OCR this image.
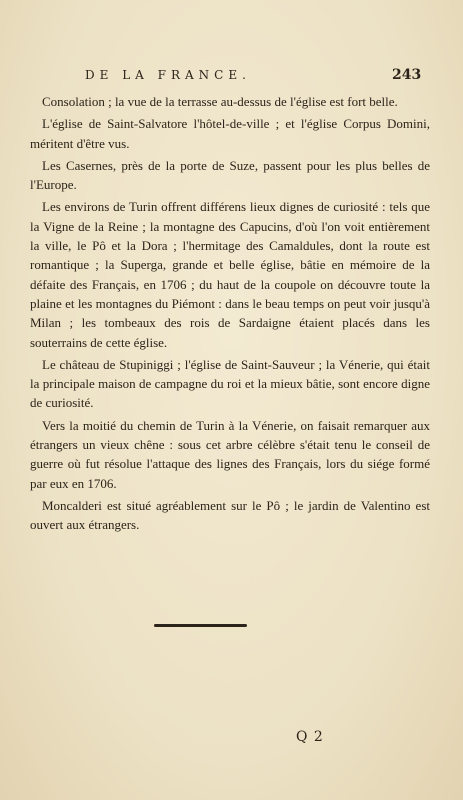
DE LA FRANCE.	243

Consolation ; la vue de la terrasse au-dessus de l'église est fort belle.

L'église de Saint-Salvatore l'hôtel-de-ville ; et l'église Corpus Domini, méritent d'être vus.

Les Casernes, près de la porte de Suze, passent pour les plus belles de l'Europe.

Les environs de Turin offrent différens lieux dignes de curiosité : tels que la Vigne de la Reine ; la montagne des Capucins, d'où l'on voit entièrement la ville, le Pô et la Dora ; l'hermitage des Camaldules, dont la route est romantique ; la Superga, grande et belle église, bâtie en mémoire de la défaite des Français, en 1706 ; du haut de la coupole on découvre toute la plaine et les montagnes du Piémont : dans le beau temps on peut voir jusqu'à Milan ; les tombeaux des rois de Sardaigne étaient placés dans les souterrains de cette église.

Le château de Stupiniggi ; l'église de Saint-Sauveur ; la Vénerie, qui était la principale maison de campagne du roi et la mieux bâtie, sont encore digne de curiosité.

Vers la moitié du chemin de Turin à la Vénerie, on faisait remarquer aux étrangers un vieux chêne : sous cet arbre célèbre s'était tenu le conseil de guerre où fut résolue l'attaque des lignes des Français, lors du siége formé par eux en 1706.

Moncalderi est situé agréablement sur le Pô ; le jardin de Valentino est ouvert aux étrangers.

Q 2
